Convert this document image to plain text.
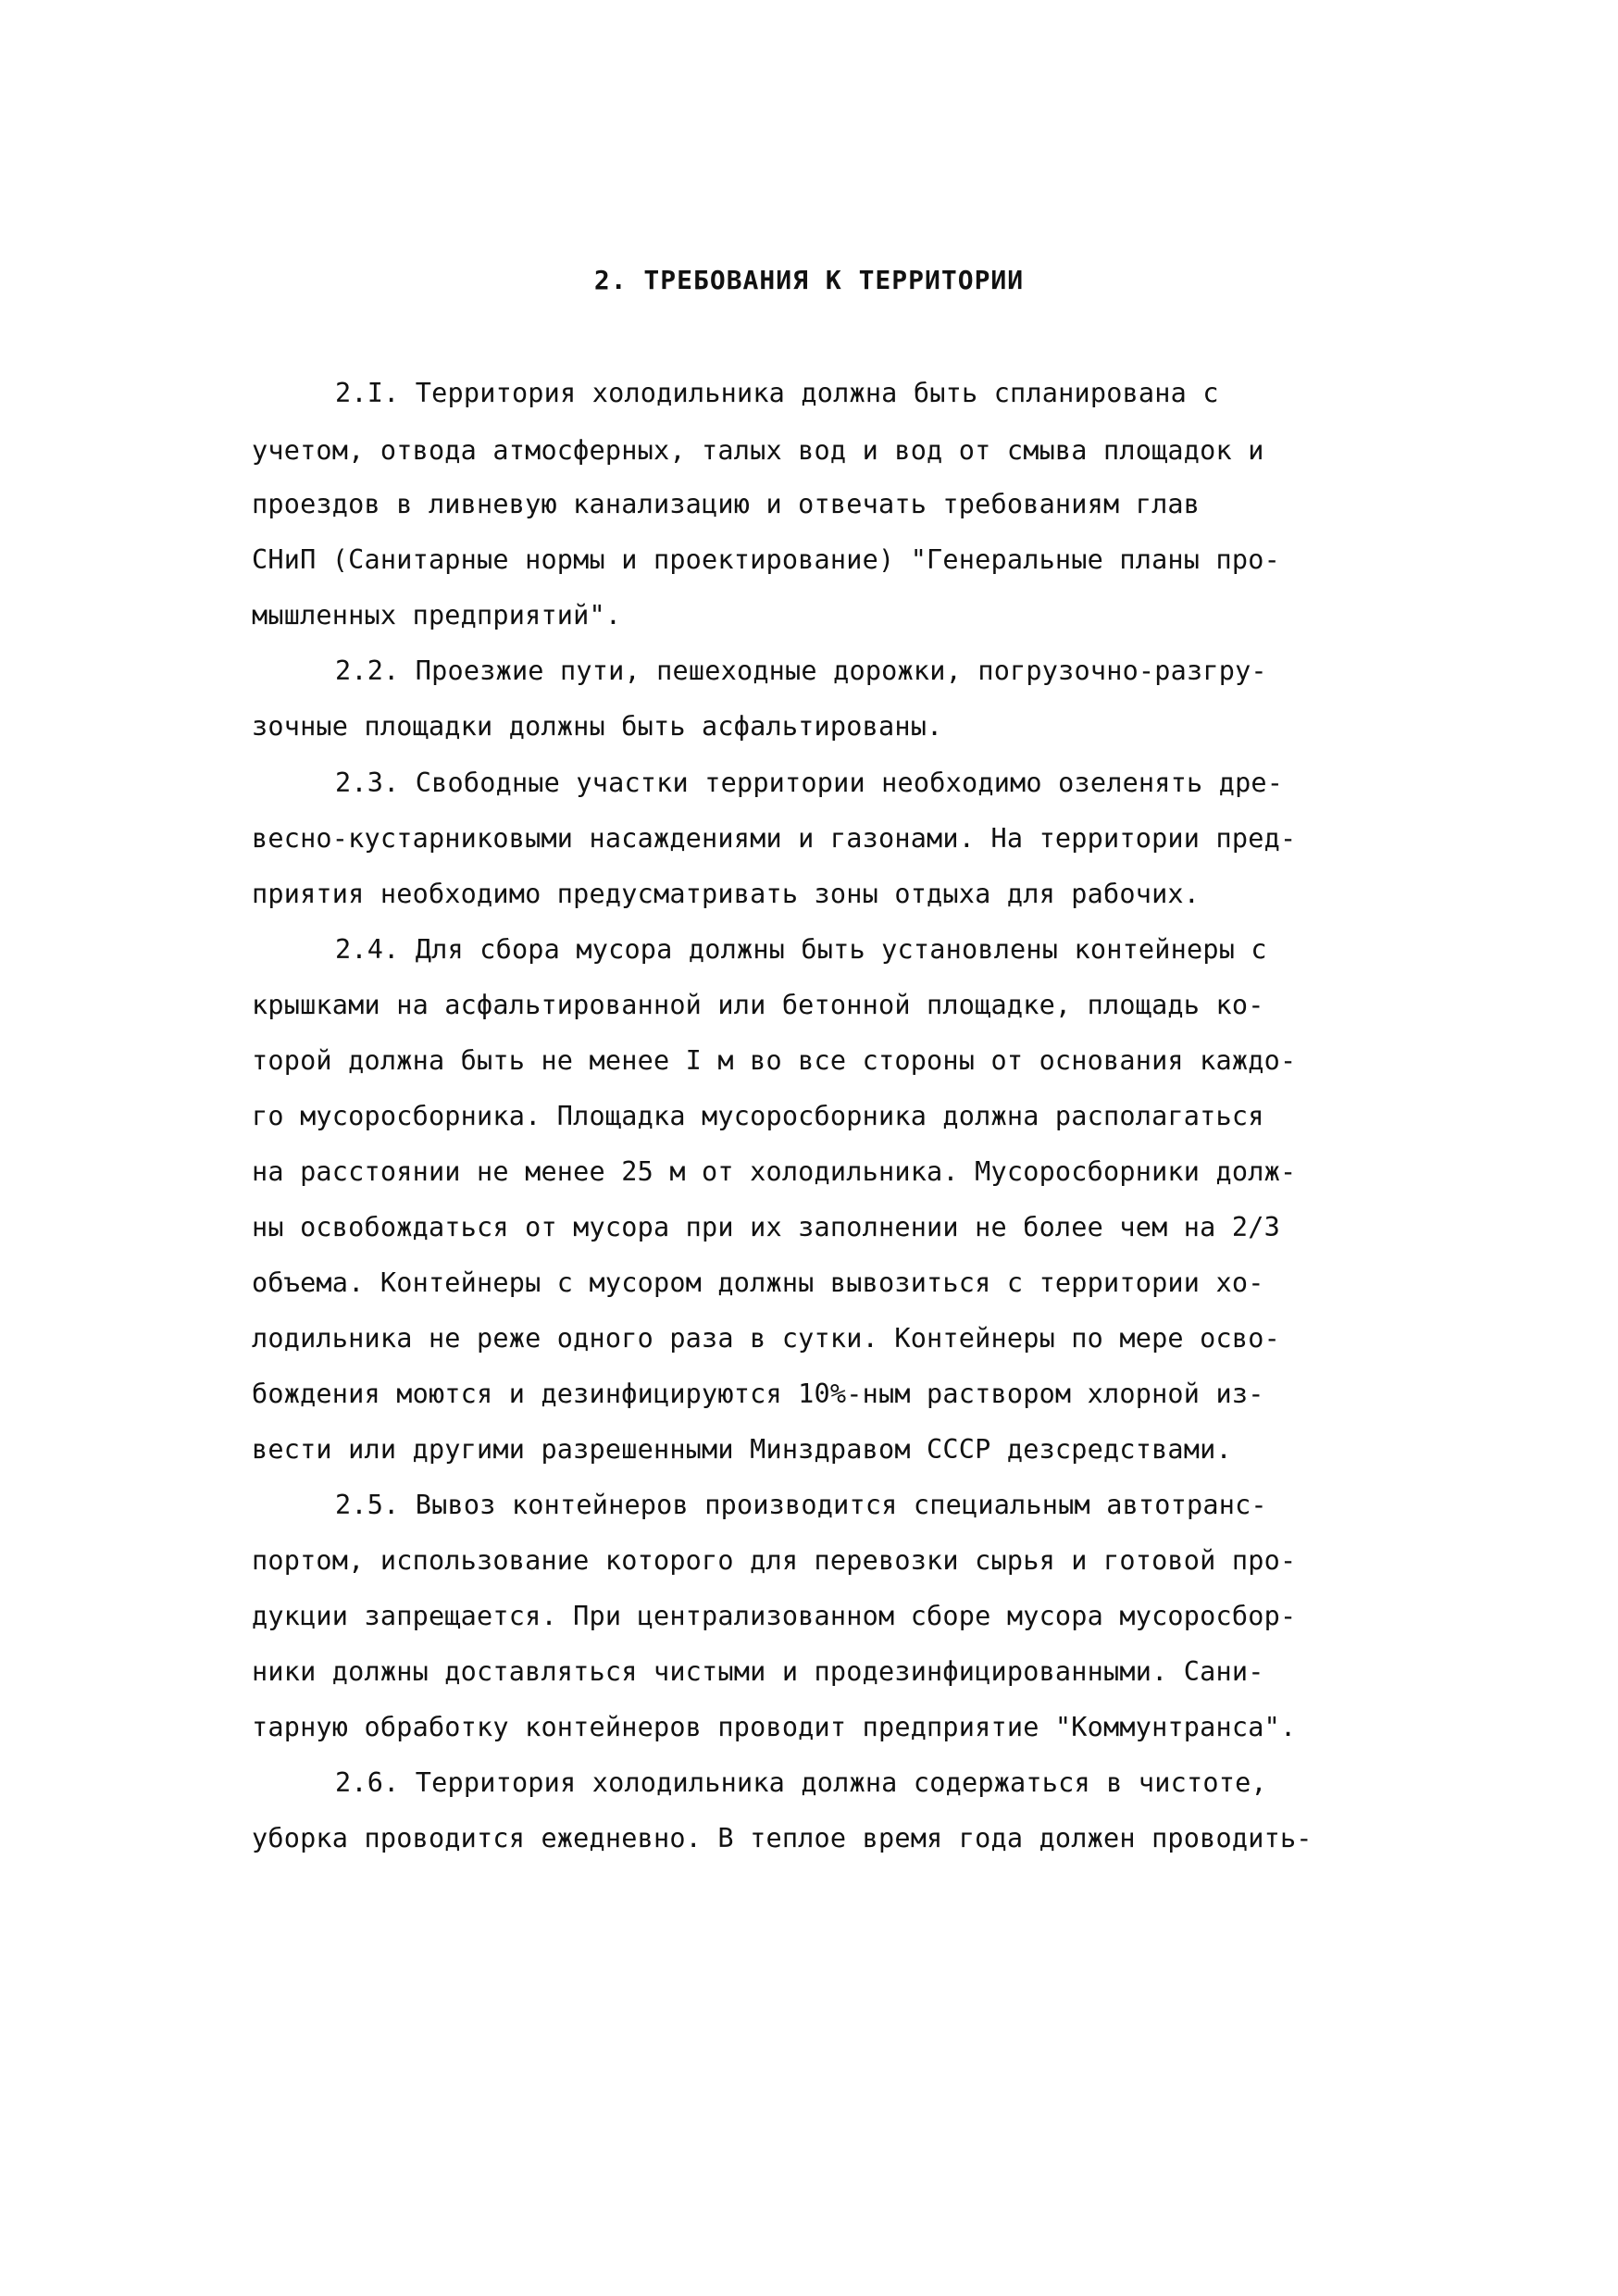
2. ТРЕБОВАНИЯ К ТЕРРИТОРИИ
2.I. Территория холодильника должна быть спланирована с
учетом, отвода атмосферных, талых вод и вод от смыва площадок и
проездов в ливневую канализацию и отвечать требованиям глав
СНиП (Санитарные нормы и проектирование) "Генеральные планы про-
мышленных предприятий".
2.2. Проезжие пути, пешеходные дорожки, погрузочно-разгру-
зочные площадки должны быть асфальтированы.
2.3. Свободные участки территории необходимо озеленять дре-
весно-кустарниковыми насаждениями и газонами. На территории пред-
приятия необходимо предусматривать зоны отдыха для рабочих.
2.4. Для сбора мусора должны быть установлены контейнеры с
крышками на асфальтированной или бетонной площадке, площадь ко-
торой должна быть не менее I м во все стороны от основания каждо-
го мусоросборника. Площадка мусоросборника должна располагаться
на расстоянии не менее 25 м от холодильника. Мусоросборники долж-
ны освобождаться от мусора при их заполнении не более чем на 2/3
объема. Контейнеры с мусором должны вывозиться с территории хо-
лодильника не реже одного раза в сутки. Контейнеры по мере осво-
бождения моются и дезинфицируются 10%-ным раствором хлорной из-
вести или другими разрешенными Минздравом СССР дезсредствами.
2.5. Вывоз контейнеров производится специальным автотранс-
портом, использование которого для перевозки сырья и готовой про-
дукции запрещается. При централизованном сборе мусора мусоросбор-
ники должны доставляться чистыми и продезинфицированными. Сани-
тарную обработку контейнеров проводит предприятие "Коммунтранса".
2.6. Территория холодильника должна содержаться в чистоте,
уборка проводится ежедневно. В теплое время года должен проводить-
